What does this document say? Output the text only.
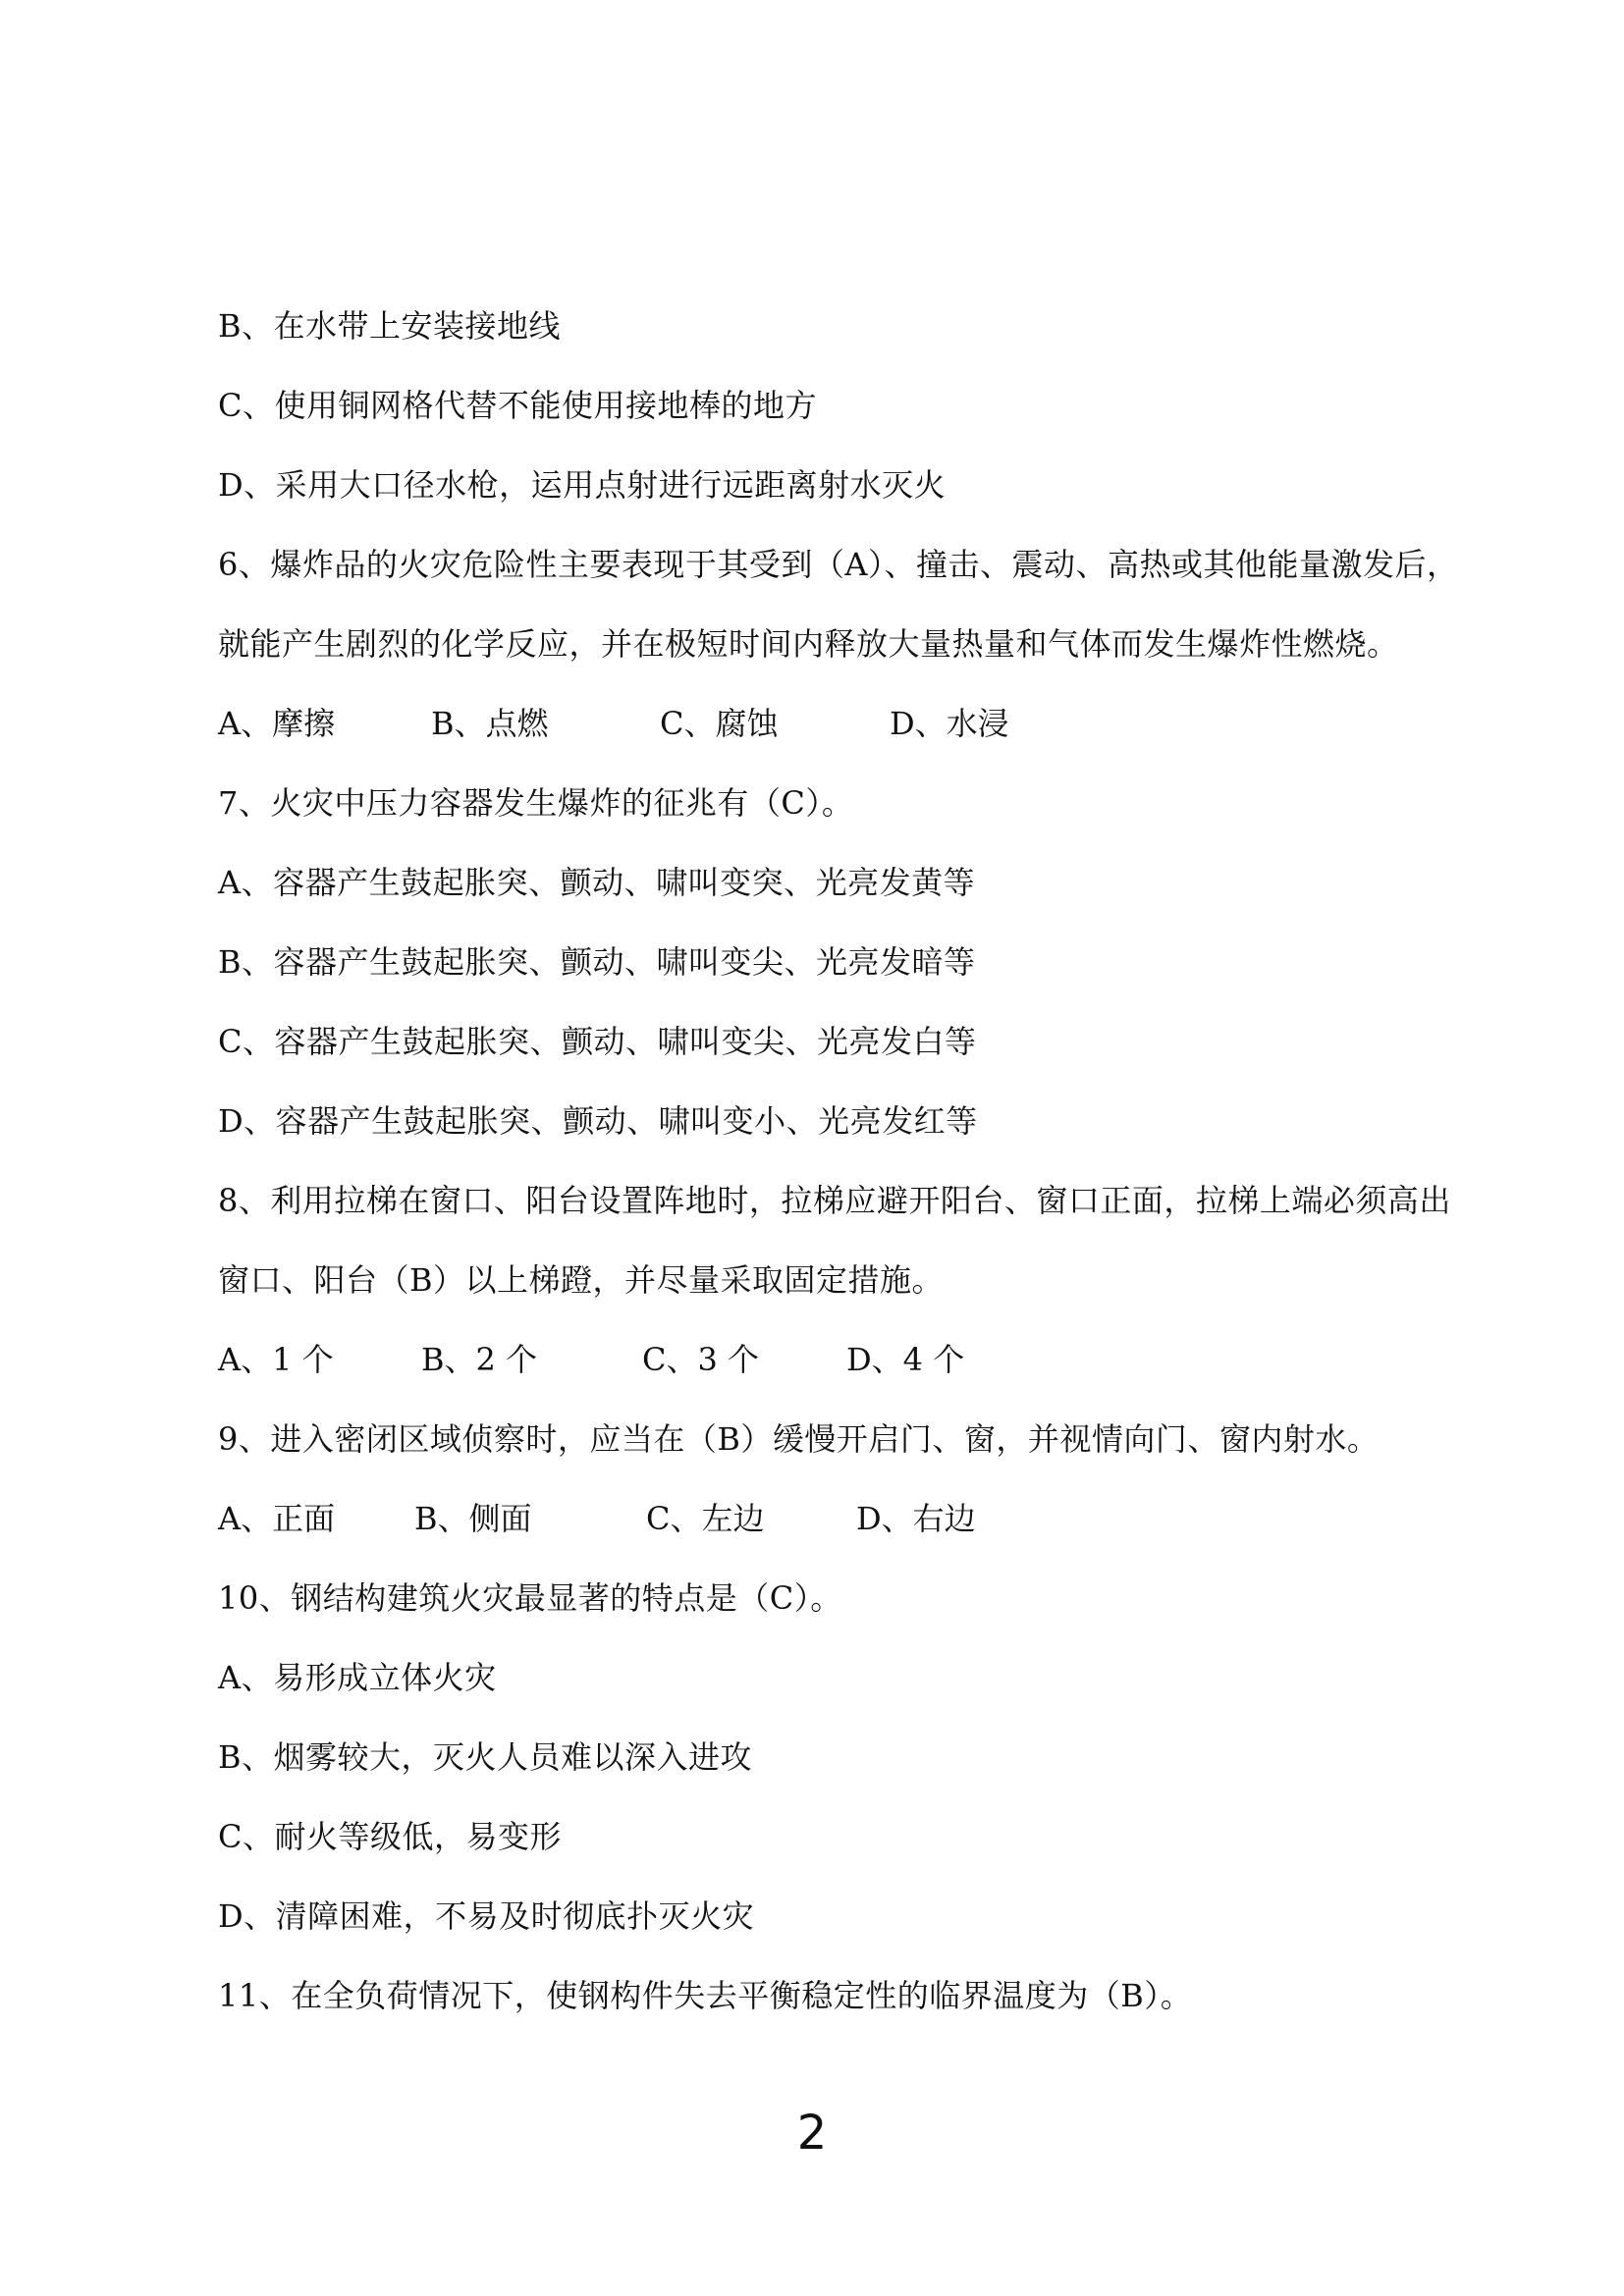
B、在水带上安装接地线
C、使用铜网格代替不能使用接地棒的地方
D、采用大口径水枪，运用点射进行远距离射水灭火
6、爆炸品的火灾危险性主要表现于其受到（A）、撞击、震动、高热或其他能量激发后，
就能产生剧烈的化学反应，并在极短时间内释放大量热量和气体而发生爆炸性燃烧。
A、摩擦	B、点燃	C、腐蚀	D、水浸
7、火灾中压力容器发生爆炸的征兆有（C）。
A、容器产生鼓起胀突、颤动、啸叫变突、光亮发黄等
B、容器产生鼓起胀突、颤动、啸叫变尖、光亮发暗等
C、容器产生鼓起胀突、颤动、啸叫变尖、光亮发白等
D、容器产生鼓起胀突、颤动、啸叫变小、光亮发红等
8、利用拉梯在窗口、阳台设置阵地时，拉梯应避开阳台、窗口正面，拉梯上端必须高出
窗口、阳台（B）以上梯蹬，并尽量采取固定措施。
A、1 个	B、2 个	C、3 个	D、4 个
9、进入密闭区域侦察时，应当在（B）缓慢开启门、窗，并视情向门、窗内射水。
A、正面	B、侧面	C、左边	D、右边
10、钢结构建筑火灾最显著的特点是（C）。
A、易形成立体火灾
B、烟雾较大，灭火人员难以深入进攻
C、耐火等级低，易变形
D、清障困难，不易及时彻底扑灭火灾
11、在全负荷情况下，使钢构件失去平衡稳定性的临界温度为（B）。
2
